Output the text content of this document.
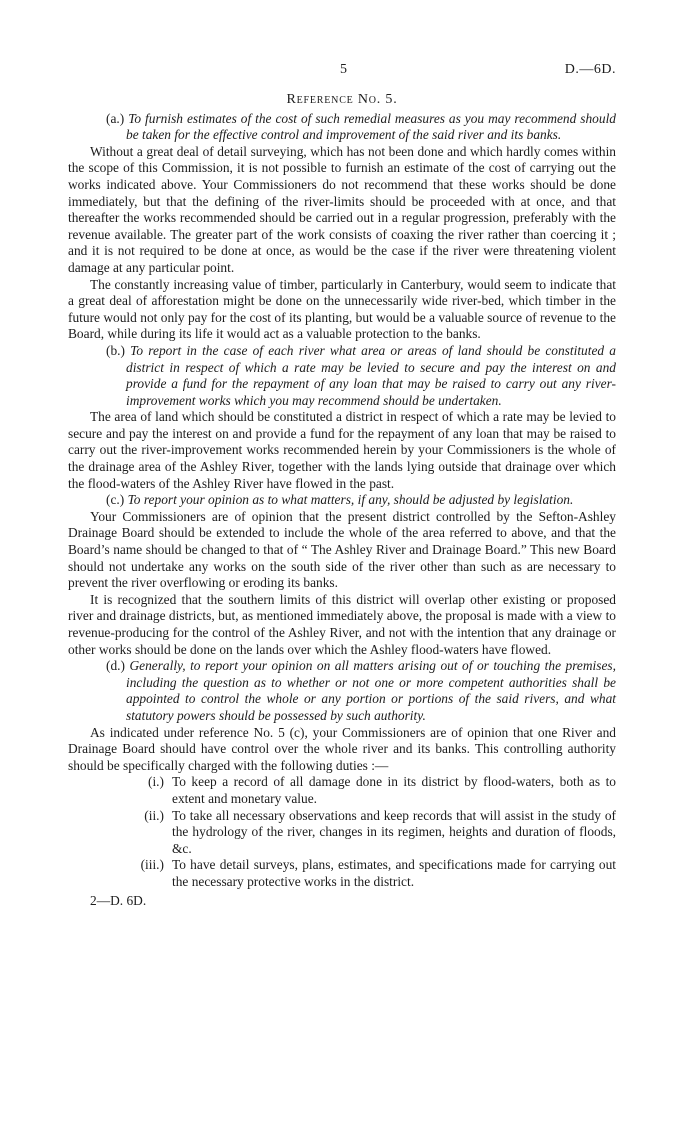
5	D.—6D.

Reference No. 5.

(a.) To furnish estimates of the cost of such remedial measures as you may recommend should be taken for the effective control and improvement of the said river and its banks.

Without a great deal of detail surveying, which has not been done and which hardly comes within the scope of this Commission, it is not possible to furnish an estimate of the cost of carrying out the works indicated above. Your Commissioners do not recommend that these works should be done immediately, but that the defining of the river-limits should be proceeded with at once, and that thereafter the works recommended should be carried out in a regular progression, preferably with the revenue available. The greater part of the work consists of coaxing the river rather than coercing it ; and it is not required to be done at once, as would be the case if the river were threatening violent damage at any particular point.

The constantly increasing value of timber, particularly in Canterbury, would seem to indicate that a great deal of afforestation might be done on the unnecessarily wide river-bed, which timber in the future would not only pay for the cost of its planting, but would be a valuable source of revenue to the Board, while during its life it would act as a valuable protection to the banks.

(b.) To report in the case of each river what area or areas of land should be constituted a district in respect of which a rate may be levied to secure and pay the interest on and provide a fund for the repayment of any loan that may be raised to carry out any river-improvement works which you may recommend should be undertaken.

The area of land which should be constituted a district in respect of which a rate may be levied to secure and pay the interest on and provide a fund for the repayment of any loan that may be raised to carry out the river-improvement works recommended herein by your Commissioners is the whole of the drainage area of the Ashley River, together with the lands lying outside that drainage over which the flood-waters of the Ashley River have flowed in the past.

(c.) To report your opinion as to what matters, if any, should be adjusted by legislation.

Your Commissioners are of opinion that the present district controlled by the Sefton-Ashley Drainage Board should be extended to include the whole of the area referred to above, and that the Board’s name should be changed to that of “ The Ashley River and Drainage Board.” This new Board should not undertake any works on the south side of the river other than such as are necessary to prevent the river overflowing or eroding its banks.

It is recognized that the southern limits of this district will overlap other existing or proposed river and drainage districts, but, as mentioned immediately above, the proposal is made with a view to revenue-producing for the control of the Ashley River, and not with the intention that any drainage or other works should be done on the lands over which the Ashley flood-waters have flowed.

(d.) Generally, to report your opinion on all matters arising out of or touching the premises, including the question as to whether or not one or more competent authorities shall be appointed to control the whole or any portion or portions of the said rivers, and what statutory powers should be possessed by such authority.

As indicated under reference No. 5 (c), your Commissioners are of opinion that one River and Drainage Board should have control over the whole river and its banks. This controlling authority should be specifically charged with the following duties :—

(i.) To keep a record of all damage done in its district by flood-waters, both as to extent and monetary value.

(ii.) To take all necessary observations and keep records that will assist in the study of the hydrology of the river, changes in its regimen, heights and duration of floods, &c.

(iii.) To have detail surveys, plans, estimates, and specifications made for carrying out the necessary protective works in the district.

2—D. 6D.
